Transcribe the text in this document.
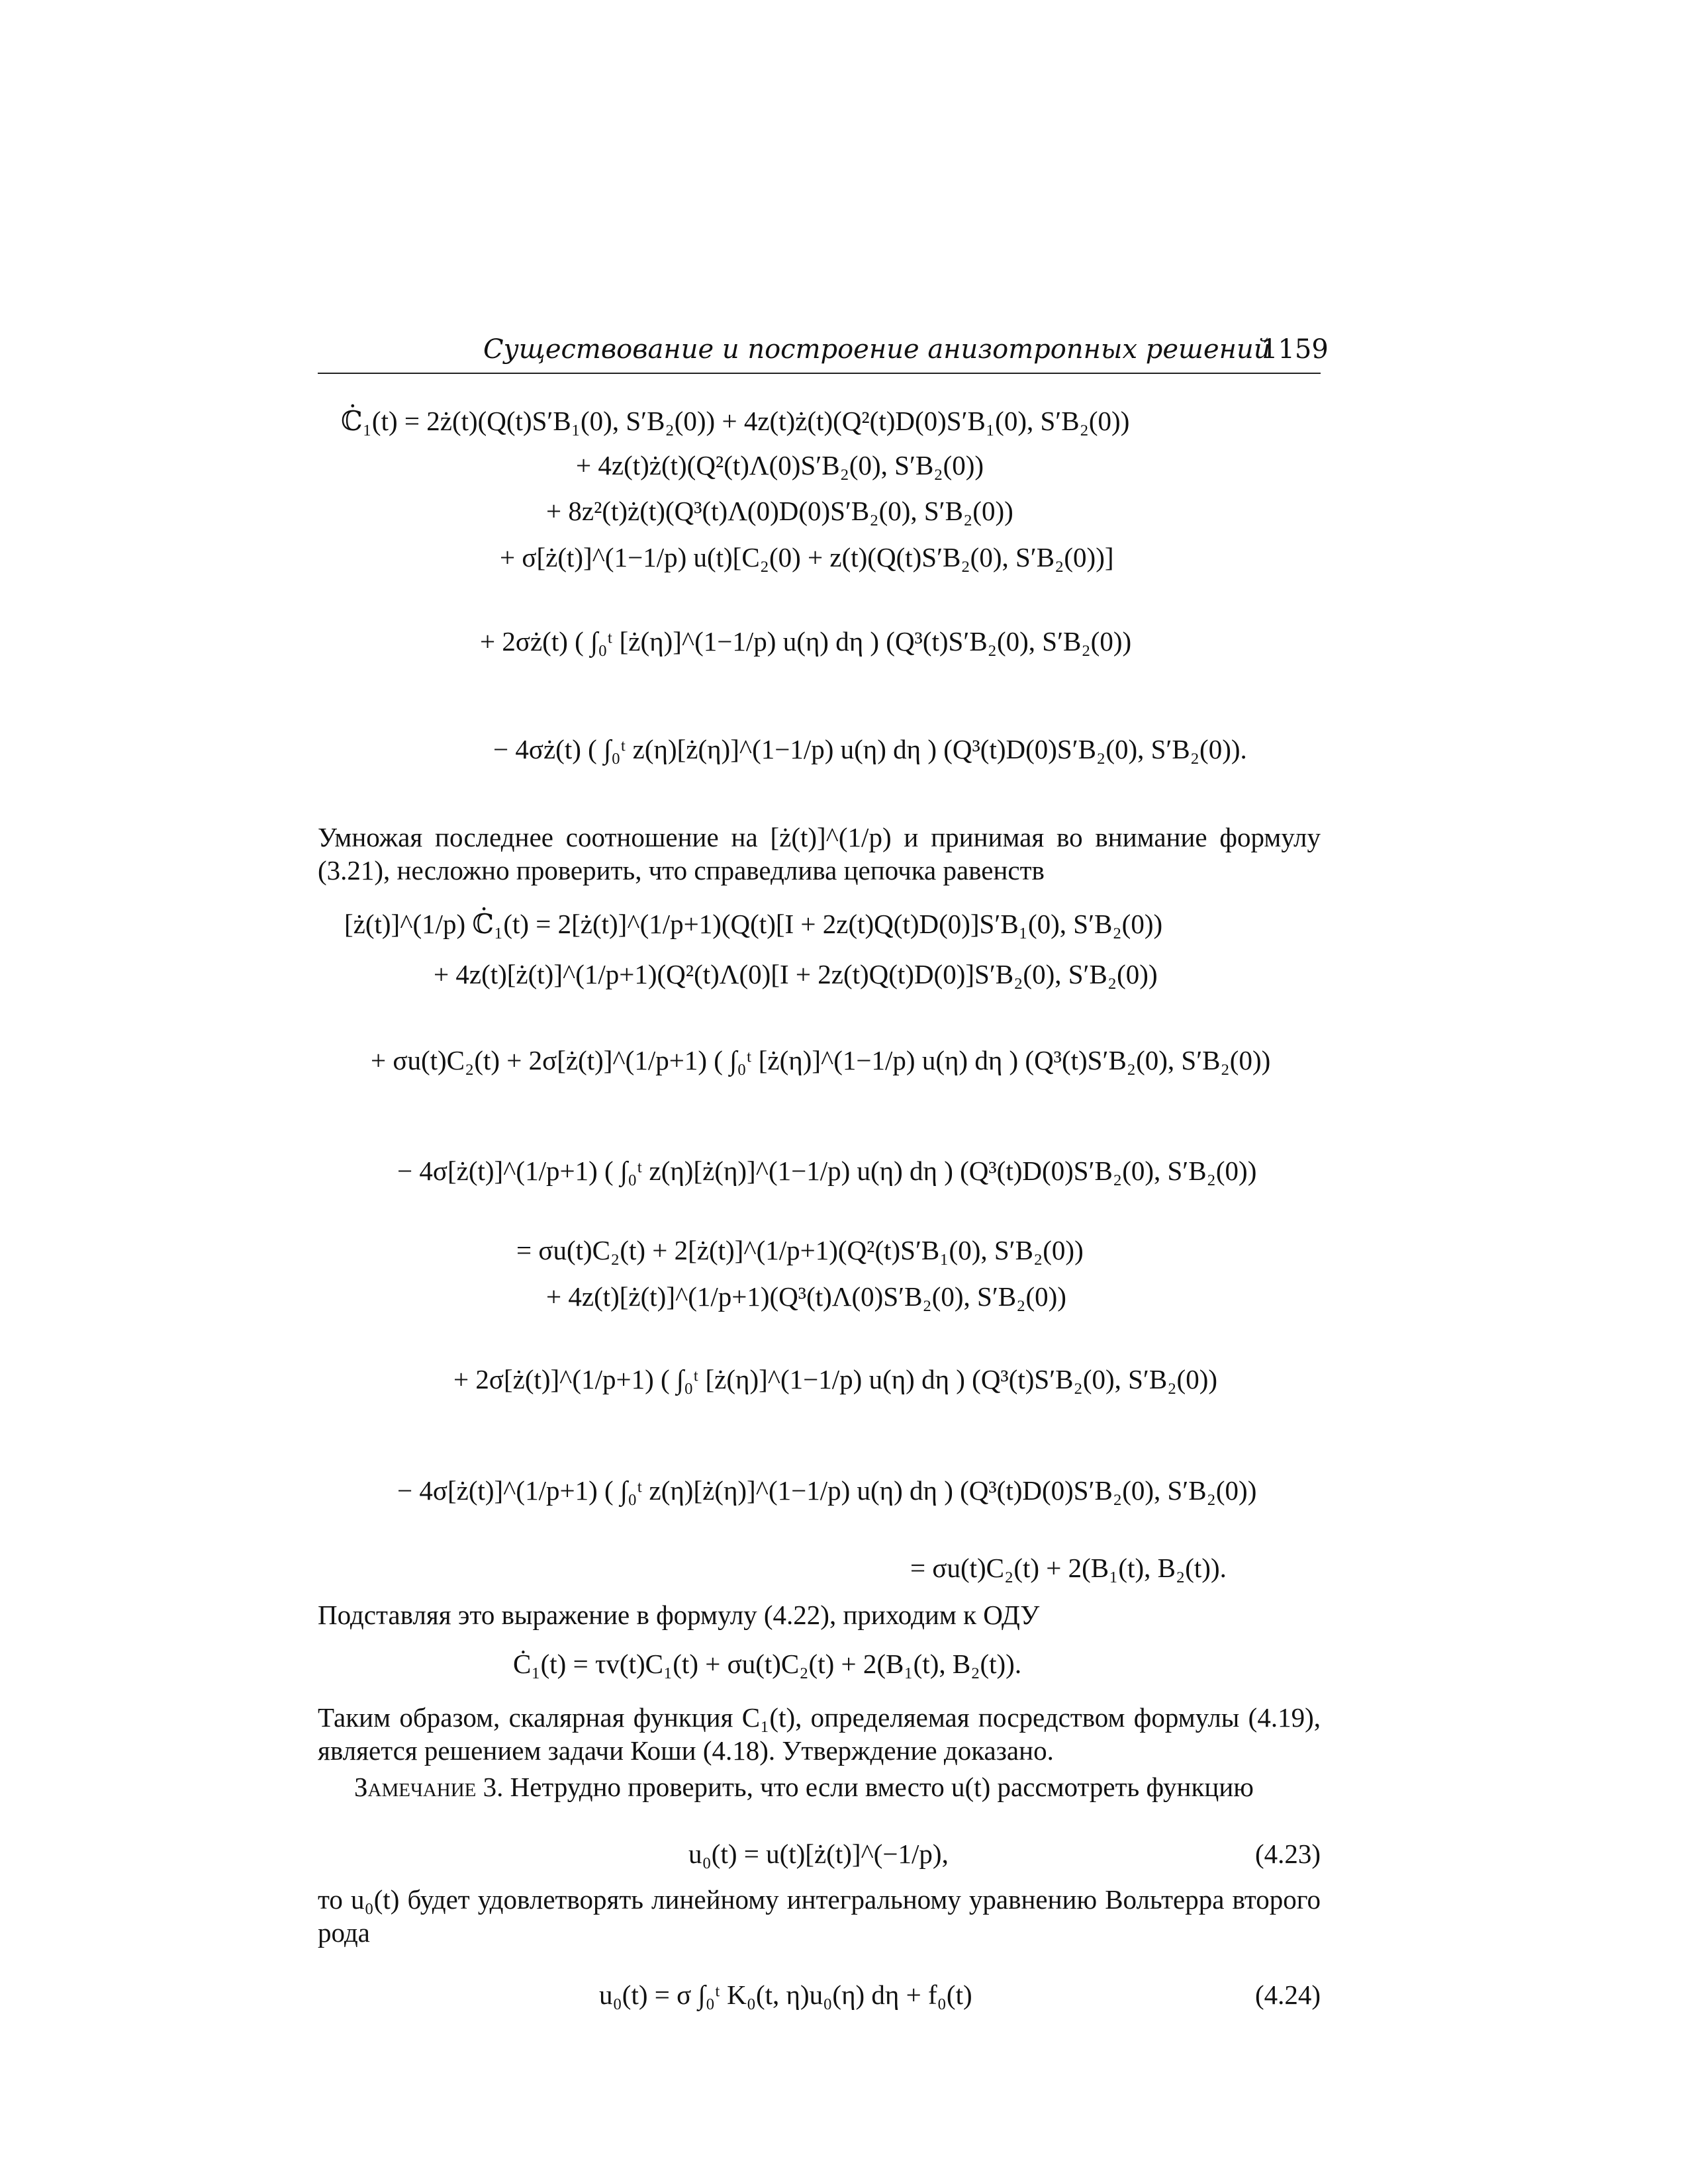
Существование и построение анизотропных решений
1159
ℂ̇₁(t) = 2ż(t)(Q(t)S′B₁(0), S′B₂(0)) + 4z(t)ż(t)(Q²(t)D(0)S′B₁(0), S′B₂(0))
+ 4z(t)ż(t)(Q²(t)Λ(0)S′B₂(0), S′B₂(0))
+ 8z²(t)ż(t)(Q³(t)Λ(0)D(0)S′B₂(0), S′B₂(0))
+ σ[ż(t)]^(1−1/p) u(t)[C₂(0) + z(t)(Q(t)S′B₂(0), S′B₂(0))]
+ 2σż(t) ( ∫₀ᵗ [ż(η)]^(1−1/p) u(η) dη ) (Q³(t)S′B₂(0), S′B₂(0))
− 4σż(t) ( ∫₀ᵗ z(η)[ż(η)]^(1−1/p) u(η) dη ) (Q³(t)D(0)S′B₂(0), S′B₂(0)).
Умножая последнее соотношение на [ż(t)]^(1/p) и принимая во внимание формулу (3.21), несложно проверить, что справедлива цепочка равенств
[ż(t)]^(1/p) ℂ̇₁(t) = 2[ż(t)]^(1/p+1)(Q(t)[I + 2z(t)Q(t)D(0)]S′B₁(0), S′B₂(0))
+ 4z(t)[ż(t)]^(1/p+1)(Q²(t)Λ(0)[I + 2z(t)Q(t)D(0)]S′B₂(0), S′B₂(0))
+ σu(t)C₂(t) + 2σ[ż(t)]^(1/p+1) ( ∫₀ᵗ [ż(η)]^(1−1/p) u(η) dη ) (Q³(t)S′B₂(0), S′B₂(0))
− 4σ[ż(t)]^(1/p+1) ( ∫₀ᵗ z(η)[ż(η)]^(1−1/p) u(η) dη ) (Q³(t)D(0)S′B₂(0), S′B₂(0))
= σu(t)C₂(t) + 2[ż(t)]^(1/p+1)(Q²(t)S′B₁(0), S′B₂(0))
+ 4z(t)[ż(t)]^(1/p+1)(Q³(t)Λ(0)S′B₂(0), S′B₂(0))
+ 2σ[ż(t)]^(1/p+1) ( ∫₀ᵗ [ż(η)]^(1−1/p) u(η) dη ) (Q³(t)S′B₂(0), S′B₂(0))
− 4σ[ż(t)]^(1/p+1) ( ∫₀ᵗ z(η)[ż(η)]^(1−1/p) u(η) dη ) (Q³(t)D(0)S′B₂(0), S′B₂(0))
= σu(t)C₂(t) + 2(B₁(t), B₂(t)).
Подставляя это выражение в формулу (4.22), приходим к ОДУ
Ċ₁(t) = τv(t)C₁(t) + σu(t)C₂(t) + 2(B₁(t), B₂(t)).
Таким образом, скалярная функция C₁(t), определяемая посредством формулы (4.19), является решением задачи Коши (4.18). Утверждение доказано.
Замечание 3. Нетрудно проверить, что если вместо u(t) рассмотреть функцию
u₀(t) = u(t)[ż(t)]^(−1/p),	(4.23)
то u₀(t) будет удовлетворять линейному интегральному уравнению Вольтерра второго рода
u₀(t) = σ ∫₀ᵗ K₀(t, η)u₀(η) dη + f₀(t)	(4.24)
